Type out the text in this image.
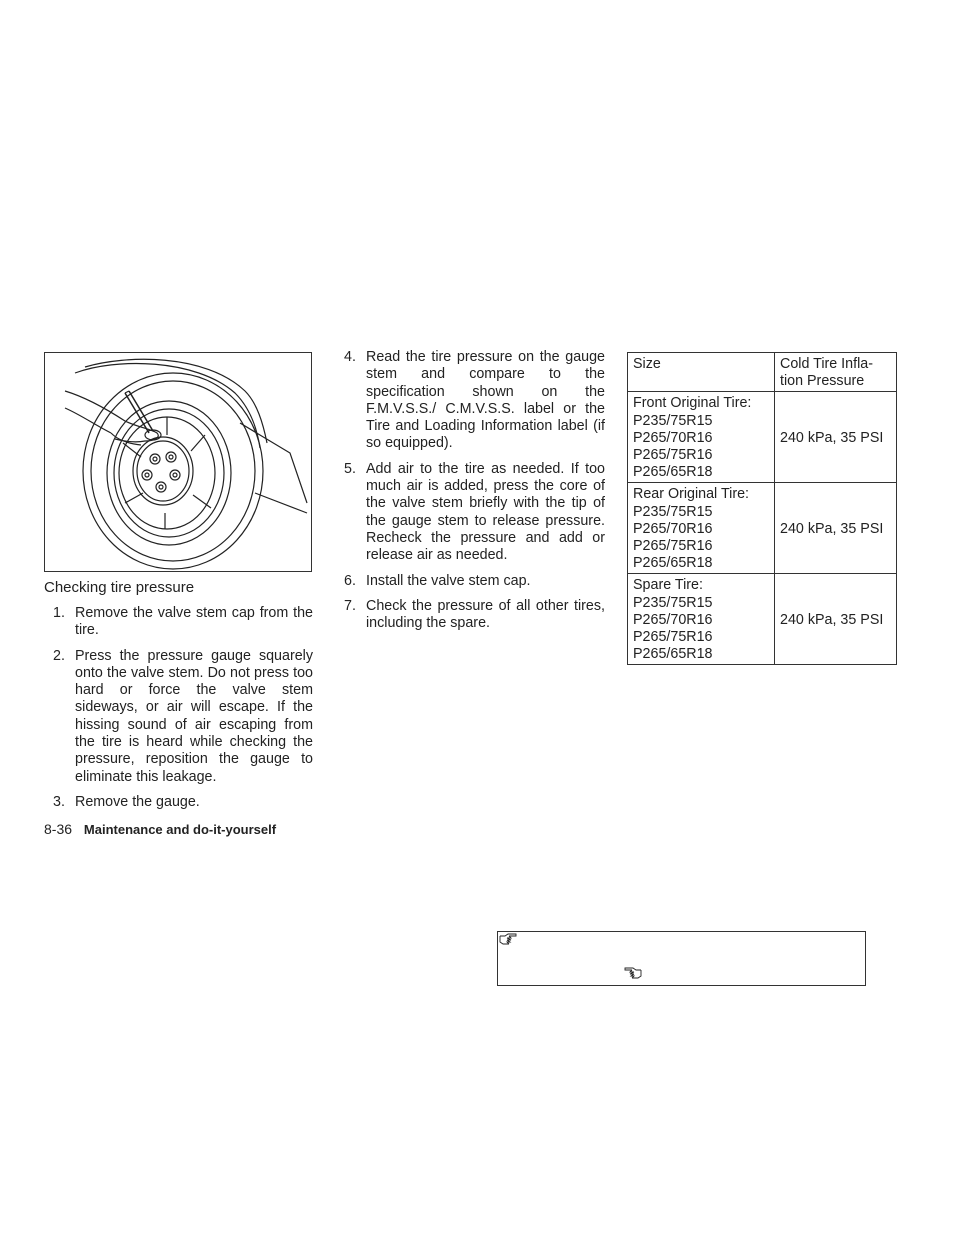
Checking tire pressure
1. Remove the valve stem cap from the tire.
2. Press the pressure gauge squarely onto the valve stem. Do not press too hard or force the valve stem sideways, or air will escape. If the hissing sound of air escaping from the tire is heard while checking the pressure, reposition the gauge to eliminate this leakage.
3. Remove the gauge.
8-36 Maintenance and do-it-yourself
4. Read the tire pressure on the gauge stem and compare to the specification shown on the F.M.V.S.S./ C.M.V.S.S. label or the Tire and Loading Information label (if so equipped).
5. Add air to the tire as needed. If too much air is added, press the core of the valve stem briefly with the tip of the gauge stem to release pressure. Recheck the pressure and add or release air as needed.
6. Install the valve stem cap.
7. Check the pressure of all other tires, including the spare.
Size	Cold Tire Infla-
tion Pressure

Front Original Tire:
P235/75R15
P265/70R16
P265/75R16
P265/65R18	240 kPa, 35 PSI

Rear Original Tire:
P235/75R15
P265/70R16
P265/75R16
P265/65R18	240 kPa, 35 PSI

Spare Tire:
P235/75R15
P265/70R16
P265/75R16
P265/65R18	240 kPa, 35 PSI
